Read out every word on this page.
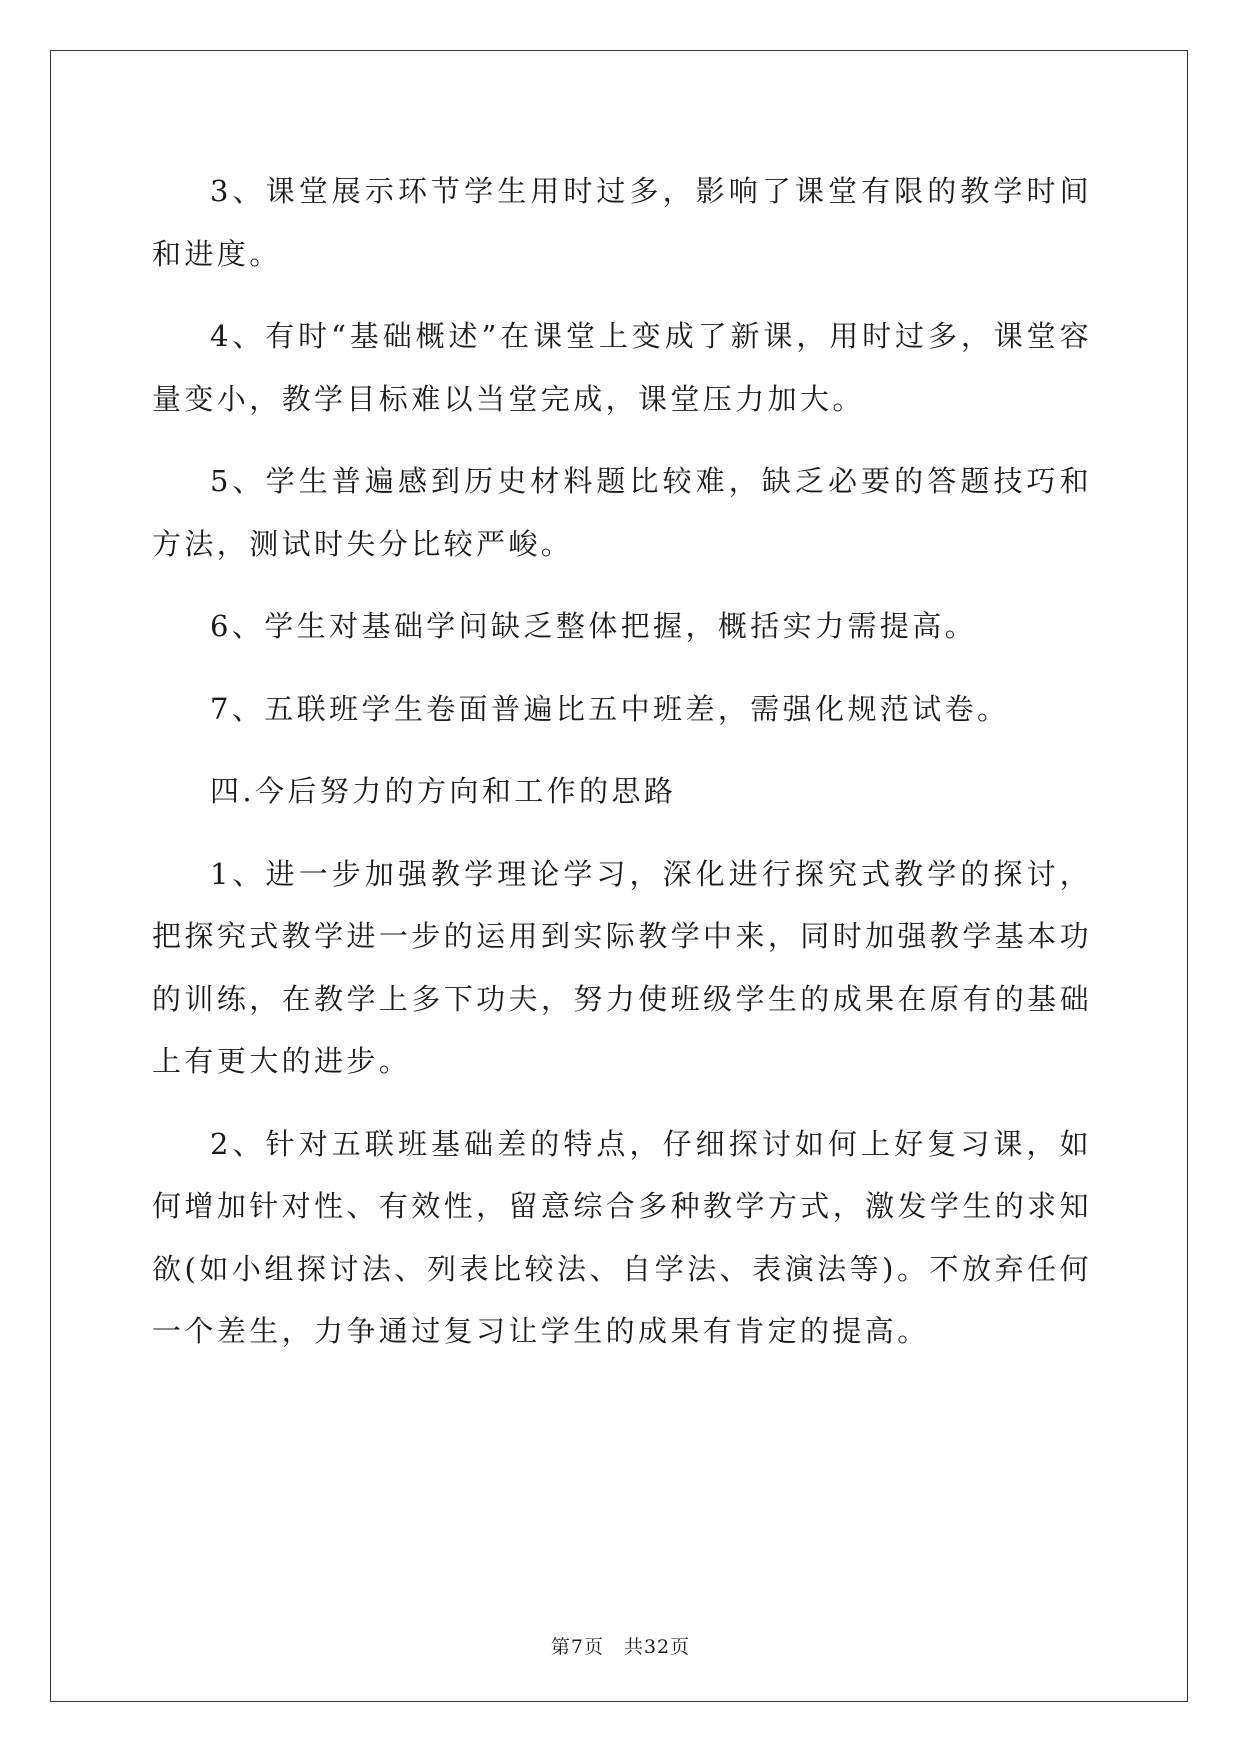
3、课堂展示环节学生用时过多，影响了课堂有限的教学时间和进度。

4、有时“基础概述”在课堂上变成了新课，用时过多，课堂容量变小，教学目标难以当堂完成，课堂压力加大。

5、学生普遍感到历史材料题比较难，缺乏必要的答题技巧和方法，测试时失分比较严峻。

6、学生对基础学问缺乏整体把握，概括实力需提高。

7、五联班学生卷面普遍比五中班差，需强化规范试卷。

四.今后努力的方向和工作的思路

1、进一步加强教学理论学习，深化进行探究式教学的探讨，把探究式教学进一步的运用到实际教学中来，同时加强教学基本功的训练，在教学上多下功夫，努力使班级学生的成果在原有的基础上有更大的进步。

2、针对五联班基础差的特点，仔细探讨如何上好复习课，如何增加针对性、有效性，留意综合多种教学方式，激发学生的求知欲(如小组探讨法、列表比较法、自学法、表演法等)。不放弃任何一个差生，力争通过复习让学生的成果有肯定的提高。

第7页 共32页
